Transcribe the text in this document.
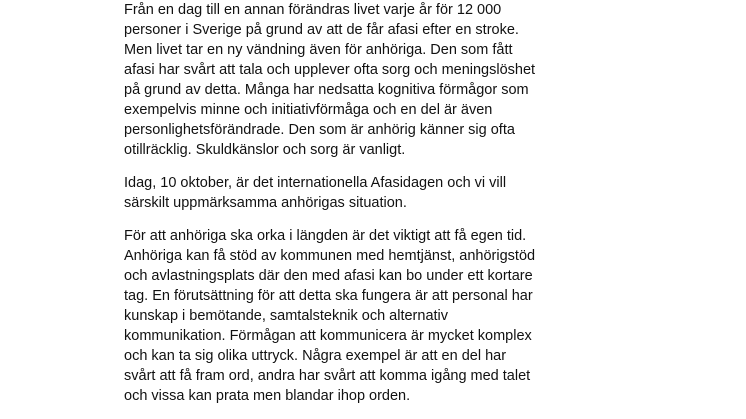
Från en dag till en annan förändras livet varje år för 12 000
personer i Sverige på grund av att de får afasi efter en stroke.
Men livet tar en ny vändning även för anhöriga. Den som fått
afasi har svårt att tala och upplever ofta sorg och meningslöshet
på grund av detta. Många har nedsatta kognitiva förmågor som
exempelvis minne och initiativförmåga och en del är även
personlighetsförändrade. Den som är anhörig känner sig ofta
otillräcklig. Skuldkänslor och sorg är vanligt.
Idag, 10 oktober, är det internationella Afasidagen och vi vill
särskilt uppmärksamma anhörigas situation.
För att anhöriga ska orka i längden är det viktigt att få egen tid.
Anhöriga kan få stöd av kommunen med hemtjänst, anhörigstöd
och avlastningsplats där den med afasi kan bo under ett kortare
tag. En förutsättning för att detta ska fungera är att personal har
kunskap i bemötande, samtalsteknik och alternativ
kommunikation. Förmågan att kommunicera är mycket komplex
och kan ta sig olika uttryck. Några exempel är att en del har
svårt att få fram ord, andra har svårt att komma igång med talet
och vissa kan prata men blandar ihop orden.
